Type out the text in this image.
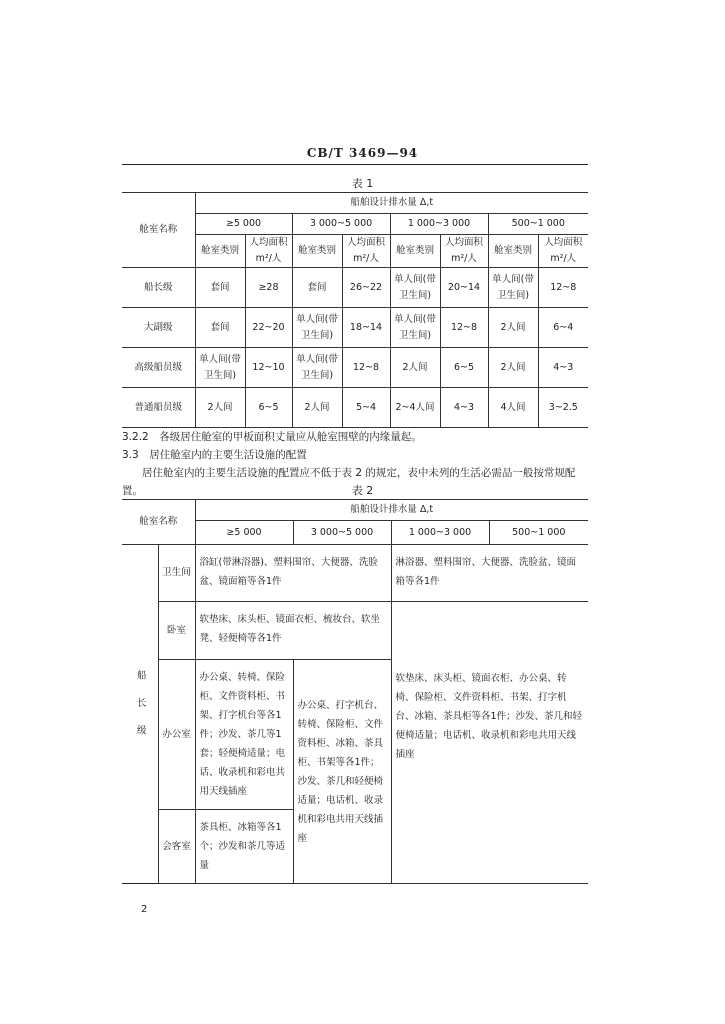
CB/T 3469—94
表 1
舱室名称	船舶设计排水量 Δ,t							
	≥5 000		3 000~5 000		1 000~3 000		500~1 000	
	舱室类别	人均面积 m²/人	舱室类别	人均面积 m²/人	舱室类别	人均面积 m²/人	舱室类别	人均面积 m²/人
船长级	套间	≥28	套间	26~22	单人间(带卫生间)	20~14	单人间(带卫生间)	12~8
大副级	套间	22~20	单人间(带卫生间)	18~14	单人间(带卫生间)	12~8	2人间	6~4
高级船员级	单人间(带卫生间)	12~10	单人间(带卫生间)	12~8	2人间	6~5	2人间	4~3
普通船员级	2人间	6~5	2人间	5~4	2~4人间	4~3	4人间	3~2.5
3.2.2　各级居住舱室的甲板面积丈量应从舱室围壁的内缘量起。
3.3　居住舱室内的主要生活设施的配置
居住舱室内的主要生活设施的配置应不低于表 2 的规定，表中未列的生活必需品一般按常规配置。	表 2
舱室名称		船舶设计排水量 Δ,t			
		≥5 000	3 000~5 000	1 000~3 000	500~1 000
船长级	卫生间	浴缸(带淋浴器)、塑料围帘、大便器、洗脸盆、镜面箱等各1件		淋浴器、塑料围帘、大便器、洗脸盆、镜面箱等各1件	
	卧室	软垫床、床头柜、镜面衣柜、梳妆台、软坐凳、轻便椅等各1件		软垫床、床头柜、镜面衣柜、办公桌、转椅、保险柜、文件资料柜、书架、打字机台、冰箱、茶具柜等各1件；沙发、茶几和轻便椅适量；电话机、收录机和彩电共用天线插座	
	办公室	办公桌、转椅、保险柜、文件资料柜、书架、打字机台等各1件；沙发、茶几等1套；轻便椅适量；电话、收录机和彩电共用天线插座	办公桌、打字机台、转椅、保险柜、文件资料柜、冰箱、茶具柜、书架等各1件；沙发、茶几和轻便椅适量；电话机、收录机和彩电共用天线插座		
	会客室	茶具柜、冰箱等各1个；沙发和茶几等适量			
2
